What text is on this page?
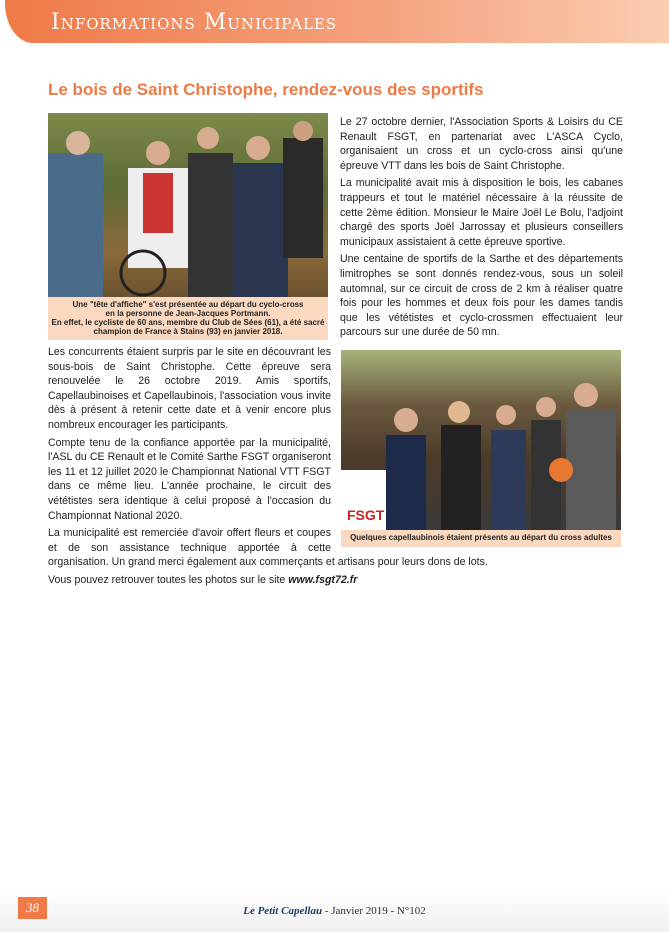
Informations Municipales
Le bois de Saint Christophe, rendez-vous des sportifs
Une "tête d'affiche" s'est présentée au départ du cyclo-cross
en la personne de Jean-Jacques Portmann.
En effet, le cycliste de 60 ans, membre du Club de Sées (61), a été sacré
champion de France à Stains (93) en janvier 2018.

Le 27 octobre dernier, l'Association Sports & Loisirs du CE Renault FSGT, en partenariat avec L'ASCA Cyclo, organisaient un cross et un cyclo-cross ainsi qu'une épreuve VTT dans les bois de Saint Christophe.

La municipalité avait mis à disposition le bois, les cabanes trappeurs et tout le matériel nécessaire à la réussite de cette 2ème édition. Monsieur le Maire Joël Le Bolu, l'adjoint chargé des sports Joël Jarrossay et plusieurs conseillers municipaux assistaient à cette épreuve sportive.

Une centaine de sportifs de la Sarthe et des départements limitrophes se sont donnés rendez-vous, sous un soleil automnal, sur ce circuit de cross de 2 km à réaliser quatre fois pour les hommes et deux fois pour les dames tandis que les vététistes et cyclo-crossmen effectuaient leur parcours sur une durée de 50 mn.

Les concurrents étaient surpris par le site en découvrant les sous-bois de Saint Christophe. Cette épreuve sera renouvelée le 26 octobre 2019. Amis sportifs, Capellaubinoises et Capellaubinois, l'association vous invite dès à présent à retenir cette date et à venir encore plus nombreux encourager les participants.

Compte tenu de la confiance apportée par la municipalité, l'ASL du CE Renault et le Comité Sarthe FSGT organiseront les 11 et 12 juillet 2020 le Championnat National VTT FSGT dans ce même lieu. L'année prochaine, le circuit des vététistes sera identique à celui proposé à l'occasion du Championnat National 2020.

La municipalité est remerciée d'avoir offert fleurs et coupes et de son assistance technique apportée à cette organisation. Un grand merci également aux commerçants et artisans pour leurs dons de lots.

Vous pouvez retrouver toutes les photos sur le site www.fsgt72.fr

FSGT
Quelques capellaubinois étaient présents au départ du cross adultes
38	Le Petit Capellau - Janvier 2019 - N°102
